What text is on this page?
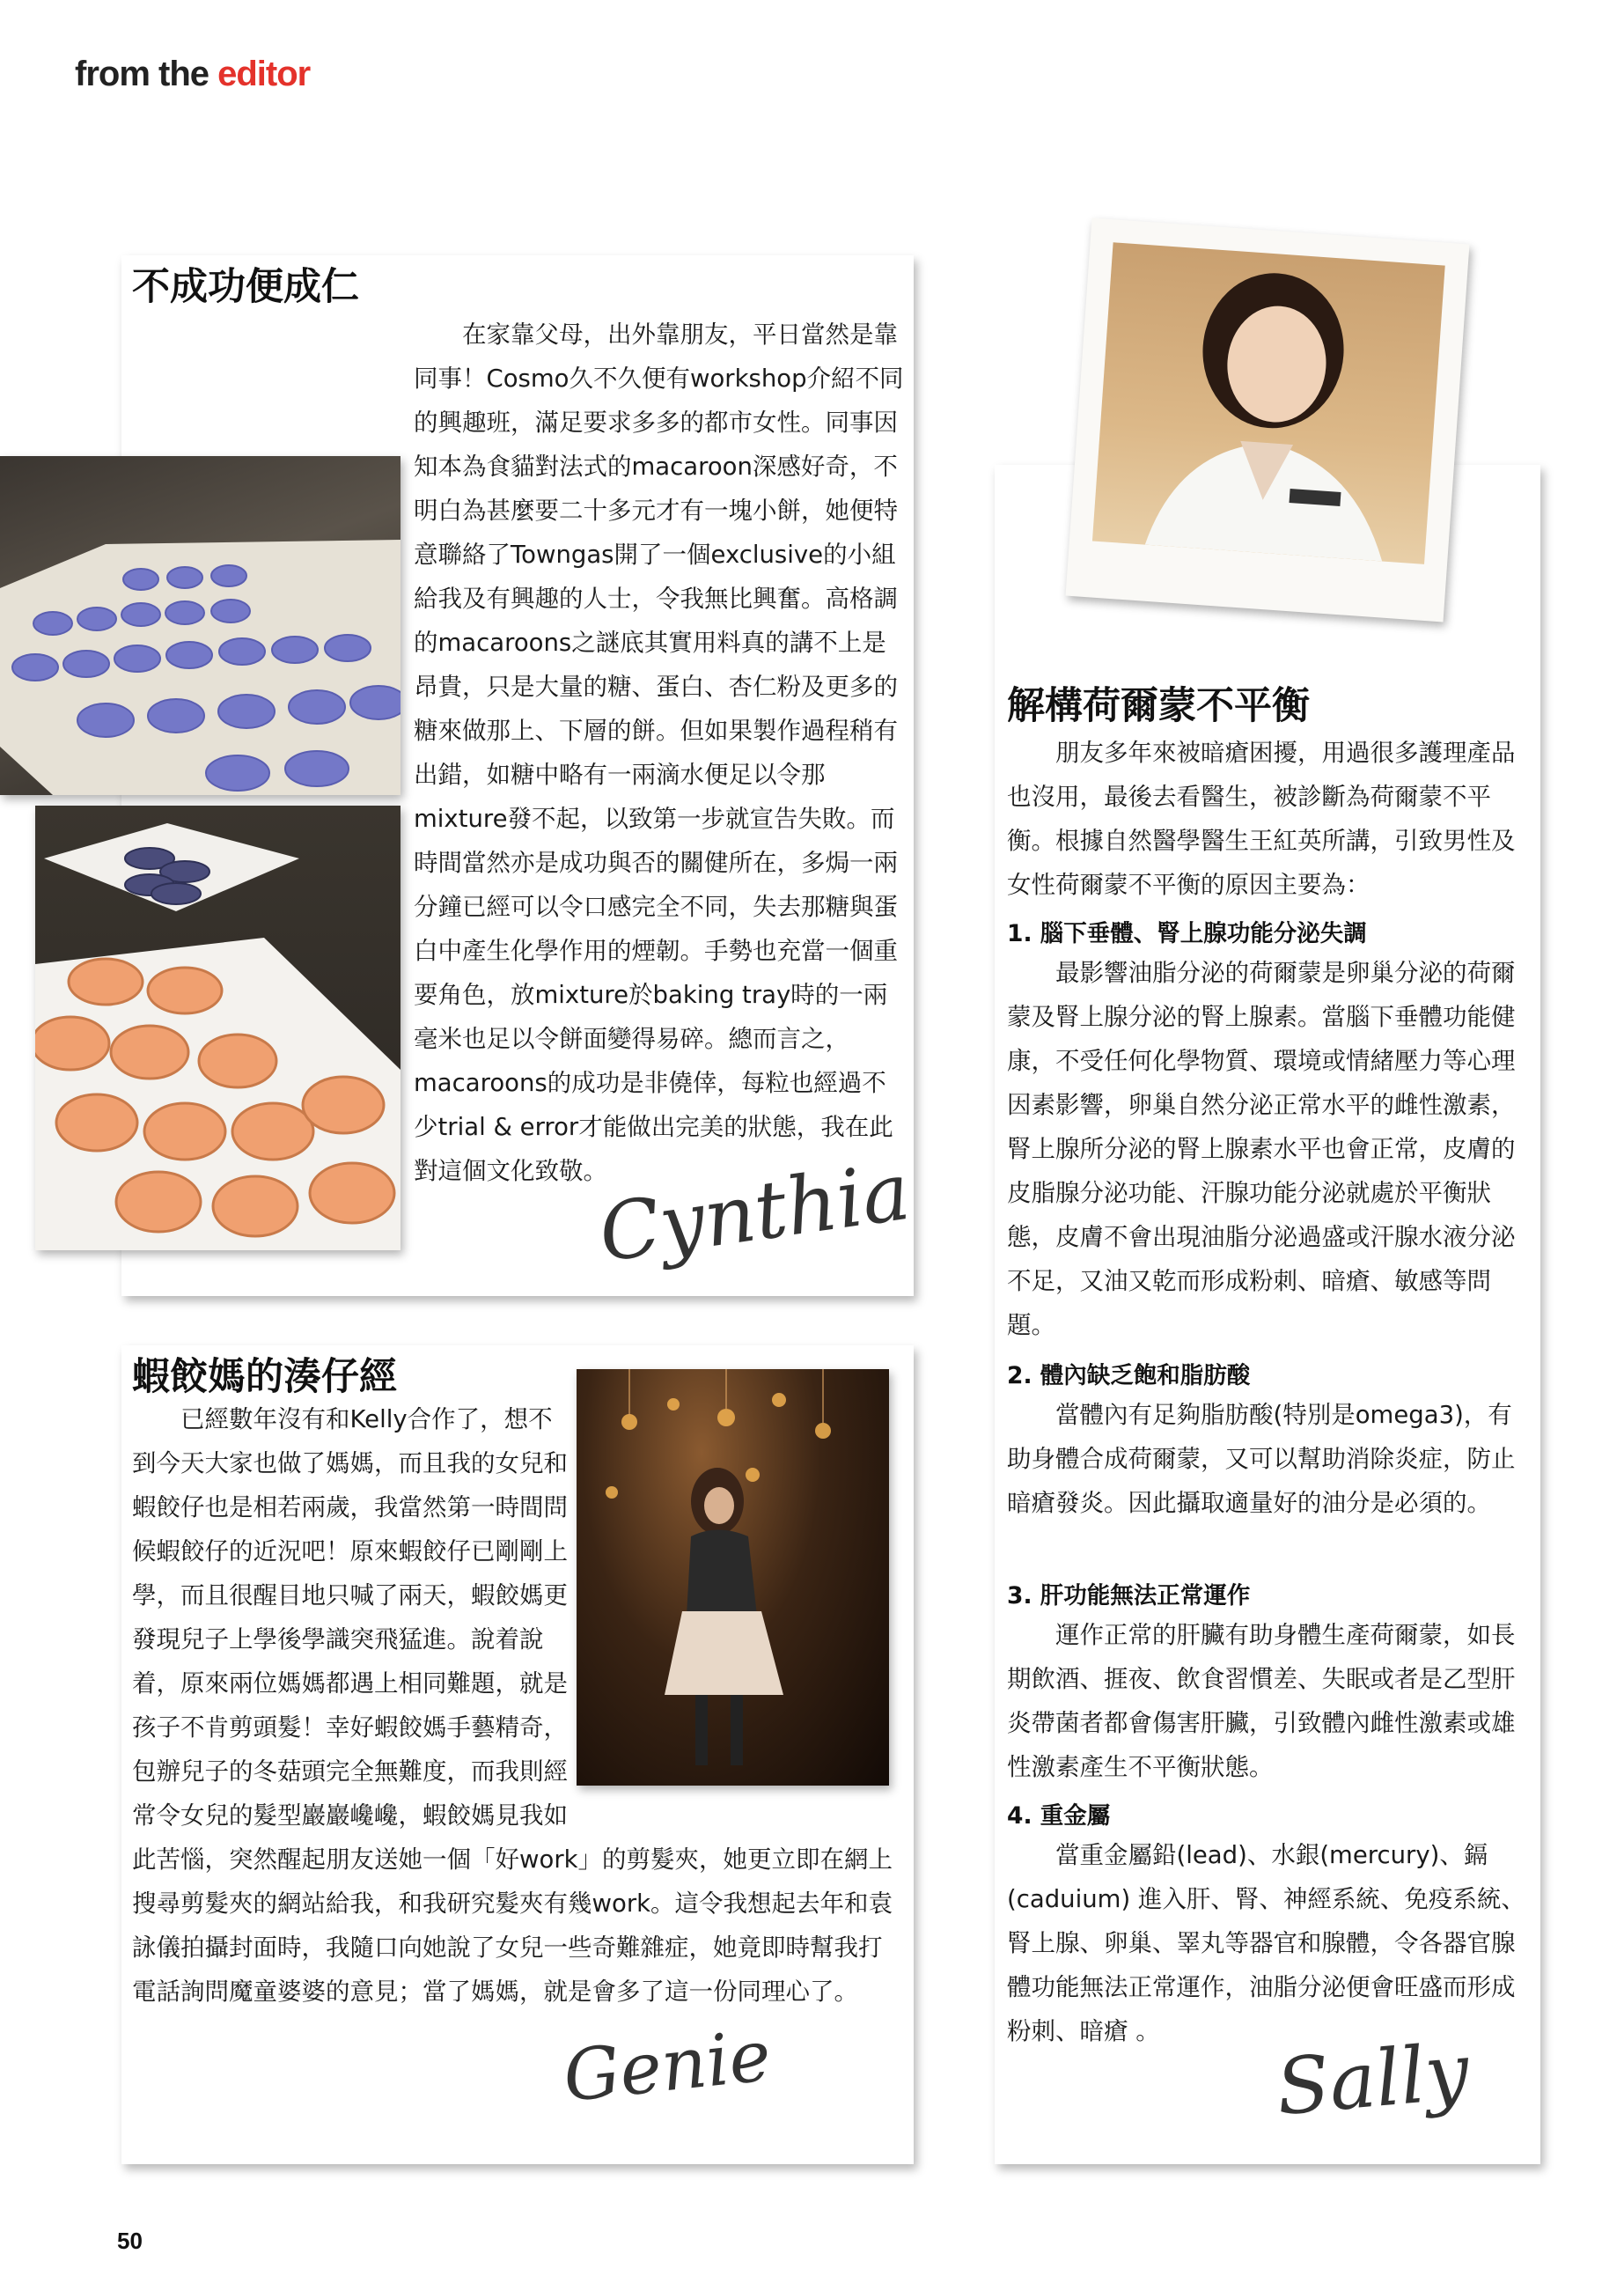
from the editor
不成功便成仁

在家靠父母，出外靠朋友，平日當然是靠同事！Cosmo久不久便有workshop介紹不同的興趣班，滿足要求多多的都市女性。同事因知本為食貓對法式的macaroon深感好奇，不明白為甚麼要二十多元才有一塊小餅，她便特意聯絡了Towngas開了一個exclusive的小組給我及有興趣的人士，令我無比興奮。高格調的macaroons之謎底其實用料真的講不上是昂貴，只是大量的糖、蛋白、杏仁粉及更多的糖來做那上、下層的餅。但如果製作過程稍有出錯，如糖中略有一兩滴水便足以令那mixture發不起，以致第一步就宣告失敗。而時間當然亦是成功與否的關健所在，多焗一兩分鐘已經可以令口感完全不同，失去那糖與蛋白中產生化學作用的煙韌。手勢也充當一個重要角色，放mixture於baking tray時的一兩毫米也足以令餅面變得易碎。總而言之，macaroons的成功是非僥倖，每粒也經過不少trial & error才能做出完美的狀態，我在此對這個文化致敬。

Cynthia
蝦餃媽的湊仔經

已經數年沒有和Kelly合作了，想不到今天大家也做了媽媽，而且我的女兒和蝦餃仔也是相若兩歲，我當然第一時間問候蝦餃仔的近況吧！原來蝦餃仔已剛剛上學，而且很醒目地只喊了兩天，蝦餃媽更發現兒子上學後學識突飛猛進。說着說着，原來兩位媽媽都遇上相同難題，就是孩子不肯剪頭髮！幸好蝦餃媽手藝精奇，包辦兒子的冬菇頭完全無難度，而我則經常令女兒的髮型巖巖巉巉，蝦餃媽見我如此苦惱，突然醒起朋友送她一個「好work」的剪髮夾，她更立即在網上搜尋剪髮夾的網站給我，和我研究髮夾有幾work。這令我想起去年和袁詠儀拍攝封面時，我隨口向她說了女兒一些奇難雜症，她竟即時幫我打電話詢問魔童婆婆的意見；當了媽媽，就是會多了這一份同理心了。

Genie
解構荷爾蒙不平衡

朋友多年來被暗瘡困擾，用過很多護理產品也沒用，最後去看醫生，被診斷為荷爾蒙不平衡。根據自然醫學醫生王紅英所講，引致男性及女性荷爾蒙不平衡的原因主要為：

1. 腦下垂體、腎上腺功能分泌失調

最影響油脂分泌的荷爾蒙是卵巢分泌的荷爾蒙及腎上腺分泌的腎上腺素。當腦下垂體功能健康，不受任何化學物質、環境或情緒壓力等心理因素影響，卵巢自然分泌正常水平的雌性激素，腎上腺所分泌的腎上腺素水平也會正常，皮膚的皮脂腺分泌功能、汗腺功能分泌就處於平衡狀態，皮膚不會出現油脂分泌過盛或汗腺水液分泌不足，又油又乾而形成粉刺、暗瘡、敏感等問題。

2. 體內缺乏飽和脂肪酸

當體內有足夠脂肪酸(特別是omega3)，有助身體合成荷爾蒙，又可以幫助消除炎症，防止暗瘡發炎。因此攝取適量好的油分是必須的。

3. 肝功能無法正常運作

運作正常的肝臟有助身體生產荷爾蒙，如長期飲酒、捱夜、飲食習慣差、失眠或者是乙型肝炎帶菌者都會傷害肝臟，引致體內雌性激素或雄性激素產生不平衡狀態。

4. 重金屬

當重金屬鉛(lead)、水銀(mercury)、鎘(caduium) 進入肝、腎、神經系統、免疫系統、腎上腺、卵巢、睪丸等器官和腺體，令各器官腺體功能無法正常運作，油脂分泌便會旺盛而形成粉刺、暗瘡 。	Sally
50
